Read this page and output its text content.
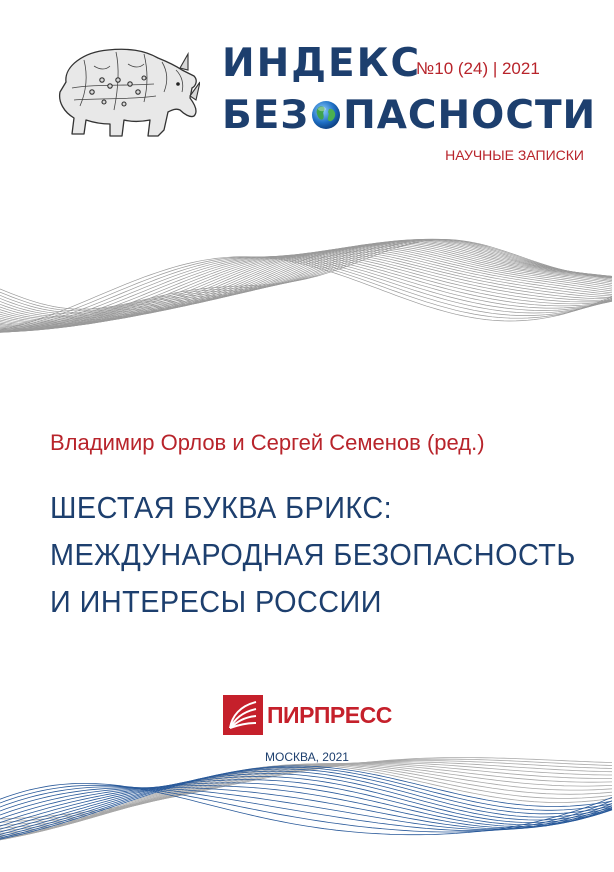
ИНДЕКС
№10 (24) | 2021
БЕЗ ПАСНОСТИ
НАУЧНЫЕ ЗАПИСКИ
Владимир Орлов и Сергей Семенов (ред.)
ШЕСТАЯ БУКВА БРИКС:
МЕЖДУНАРОДНАЯ БЕЗОПАСНОСТЬ
И ИНТЕРЕСЫ РОССИИ
ПИРПРЕСС
МОСКВА, 2021
